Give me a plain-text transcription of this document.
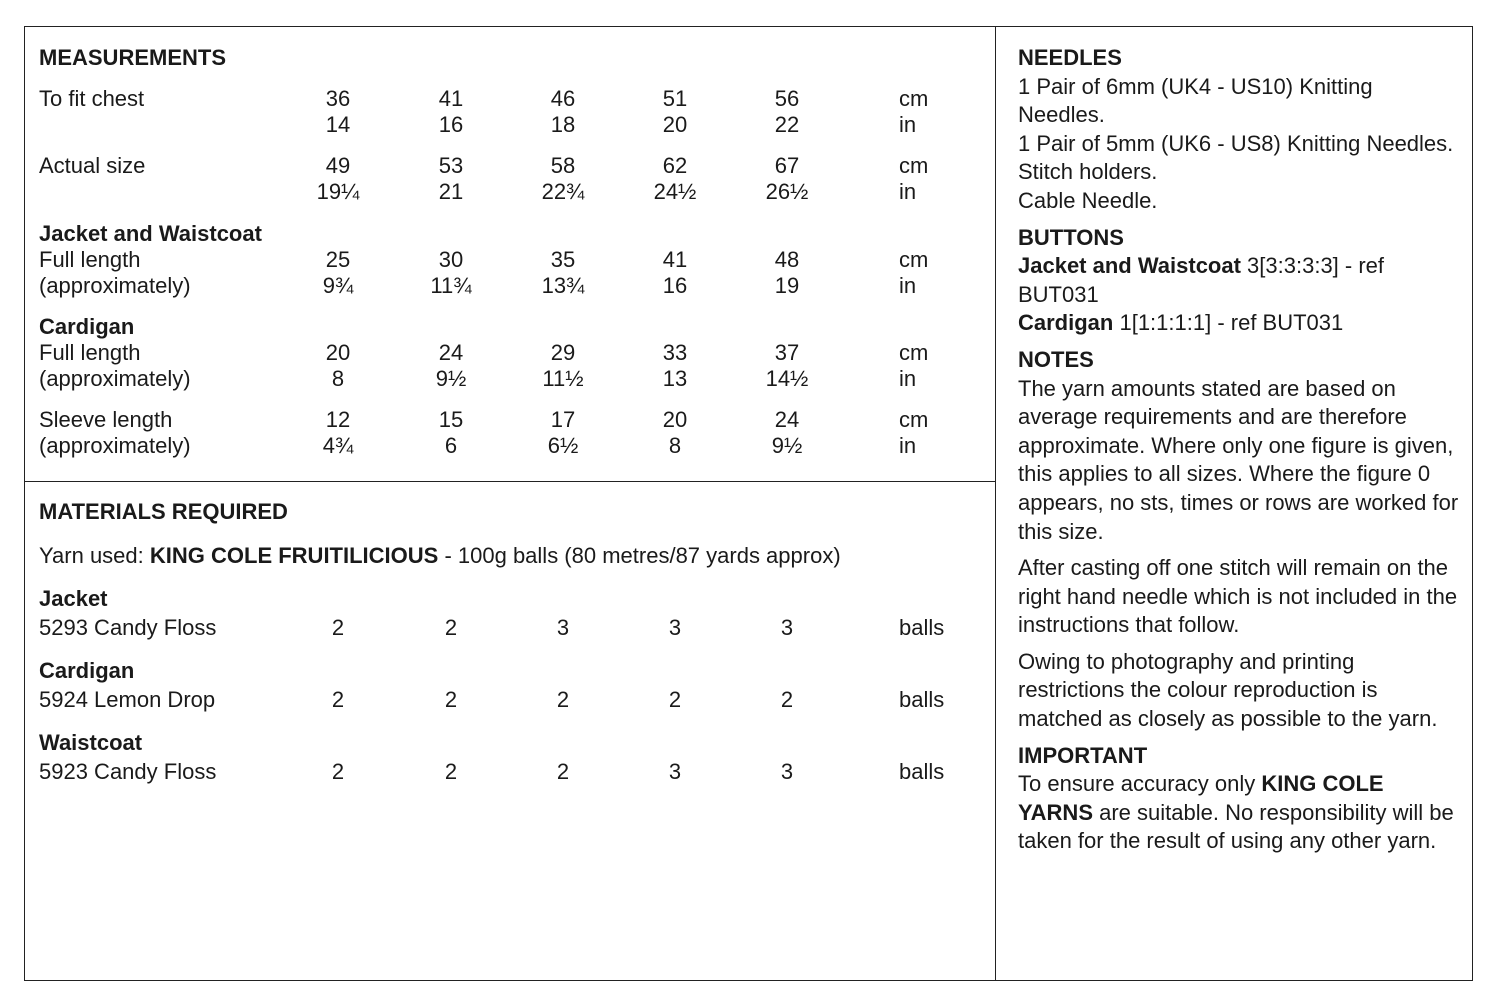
MEASUREMENTS
To fit chest	36	41	46	51	56	cm
14	16	18	20	22	in
Actual size	49	53	58	62	67	cm
19¼	21	22¾	24½	26½	in
Jacket and Waistcoat
Full length	25	30	35	41	48	cm
(approximately)	9¾	11¾	13¾	16	19	in
Cardigan
Full length	20	24	29	33	37	cm
(approximately)	8	9½	11½	13	14½	in
Sleeve length	12	15	17	20	24	cm
(approximately)	4¾	6	6½	8	9½	in
MATERIALS REQUIRED
Yarn used: KING COLE FRUITILICIOUS - 100g balls (80 metres/87 yards approx)
Jacket
5293 Candy Floss	2	2	3	3	3	balls
Cardigan
5924 Lemon Drop	2	2	2	2	2	balls
Waistcoat
5923 Candy Floss	2	2	2	3	3	balls
NEEDLES
1 Pair of 6mm (UK4 - US10) Knitting Needles.
1 Pair of 5mm (UK6 - US8) Knitting Needles.
Stitch holders.
Cable Needle.
BUTTONS
Jacket and Waistcoat 3[3:3:3:3] - ref BUT031
Cardigan 1[1:1:1:1] - ref BUT031
NOTES
The yarn amounts stated are based on average requirements and are therefore approximate. Where only one figure is given, this applies to all sizes. Where the figure 0 appears, no sts, times or rows are worked for this size.
After casting off one stitch will remain on the right hand needle which is not included in the instructions that follow.
Owing to photography and printing restrictions the colour reproduction is matched as closely as possible to the yarn.
IMPORTANT
To ensure accuracy only KING COLE YARNS are suitable. No responsibility will be taken for the result of using any other yarn.
